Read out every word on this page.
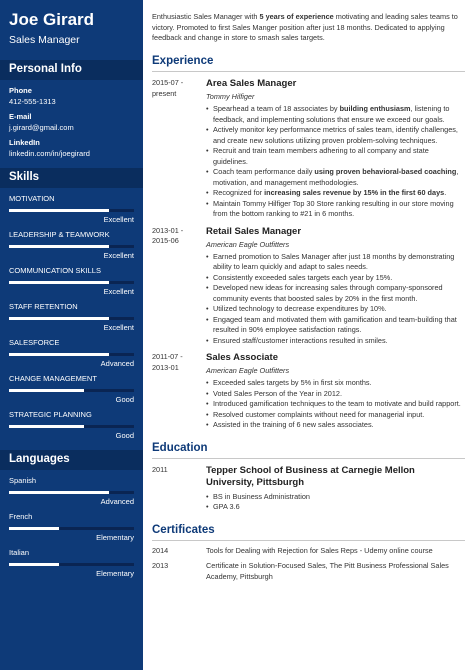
Joe Girard
Sales Manager
Personal Info
Phone
412-555-1313
E-mail
j.girard@gmail.com
LinkedIn
linkedin.com/in/joegirard
Skills
MOTIVATION
Excellent
LEADERSHIP & TEAMWORK
Excellent
COMMUNICATION SKILLS
Excellent
STAFF RETENTION
Excellent
SALESFORCE
Advanced
CHANGE MANAGEMENT
Good
STRATEGIC PLANNING
Good
Languages
Spanish
Advanced
French
Elementary
Italian
Elementary
Enthusiastic Sales Manager with 5 years of experience motivating and leading sales teams to victory. Promoted to first Sales Manger position after just 18 months. Dedicated to applying feedback and change in store to smash sales targets.
Experience
2015-07 -
present
Area Sales Manager
Tommy Hilfiger
• Spearhead a team of 18 associates by building enthusiasm, listening to feedback, and implementing solutions that ensure we exceed our goals.
• Actively monitor key performance metrics of sales team, identify challenges, and create new solutions utilizing proven problem-solving techniques.
• Recruit and train team members adhering to all company and state guidelines.
• Coach team performance daily using proven behavioral-based coaching, motivation, and management methodologies.
• Recognized for increasing sales revenue by 15% in the first 60 days.
• Maintain Tommy Hilfiger Top 30 Store ranking resulting in our store moving from the bottom ranking to #21 in 6 months.
2013-01 -
2015-06
Retail Sales Manager
American Eagle Outfitters
• Earned promotion to Sales Manager after just 18 months by demonstrating ability to learn quickly and adapt to sales needs.
• Consistently exceeded sales targets each year by 15%.
• Developed new ideas for increasing sales through company-sponsored community events that boosted sales by 20% in the first month.
• Utilized technology to decrease expenditures by 10%.
• Engaged team and motivated them with gamification and team-building that resulted in 90% employee satisfaction ratings.
• Ensured staff/customer interactions resulted in smiles.
2011-07 -
2013-01
Sales Associate
American Eagle Outfitters
• Exceeded sales targets by 5% in first six months.
• Voted Sales Person of the Year in 2012.
• Introduced gamification techniques to the team to motivate and build rapport.
• Resolved customer complaints without need for managerial input.
• Assisted in the training of 6 new sales associates.
Education
2011	Tepper School of Business at Carnegie Mellon University, Pittsburgh
• BS in Business Administration
• GPA 3.6
Certificates
2014	Tools for Dealing with Rejection for Sales Reps - Udemy online course
2013	Certificate in Solution-Focused Sales, The Pitt Business Professional Sales Academy, Pittsburgh
